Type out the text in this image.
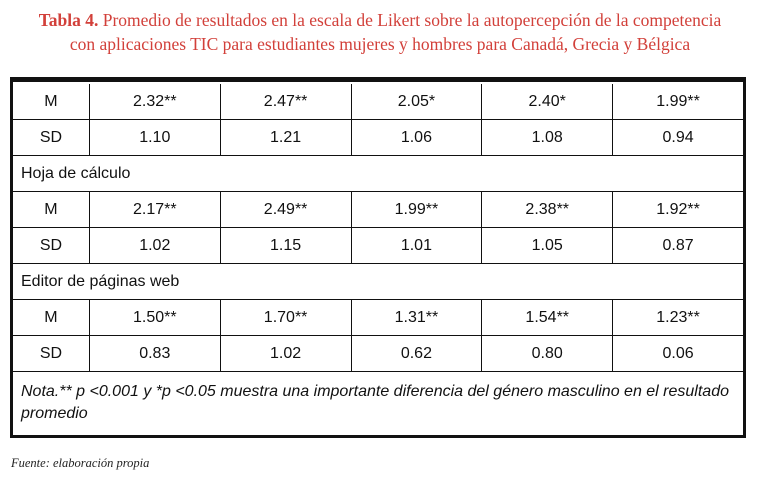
Tabla 4. Promedio de resultados en la escala de Likert sobre la autopercepción de la competencia
con aplicaciones TIC para estudiantes mujeres y hombres para Canadá, Grecia y Bélgica
M	2.32**	2.47**	2.05*	2.40*	1.99**
SD	1.10	1.21	1.06	1.08	0.94
Hoja de cálculo					
M	2.17**	2.49**	1.99**	2.38**	1.92**
SD	1.02	1.15	1.01	1.05	0.87
Editor de páginas web					
M	1.50**	1.70**	1.31**	1.54**	1.23**
SD	0.83	1.02	0.62	0.80	0.06
Nota.** p <0.001 y *p <0.05 muestra una importante diferencia del género masculino en el resultado promedio
Fuente: elaboración propia
